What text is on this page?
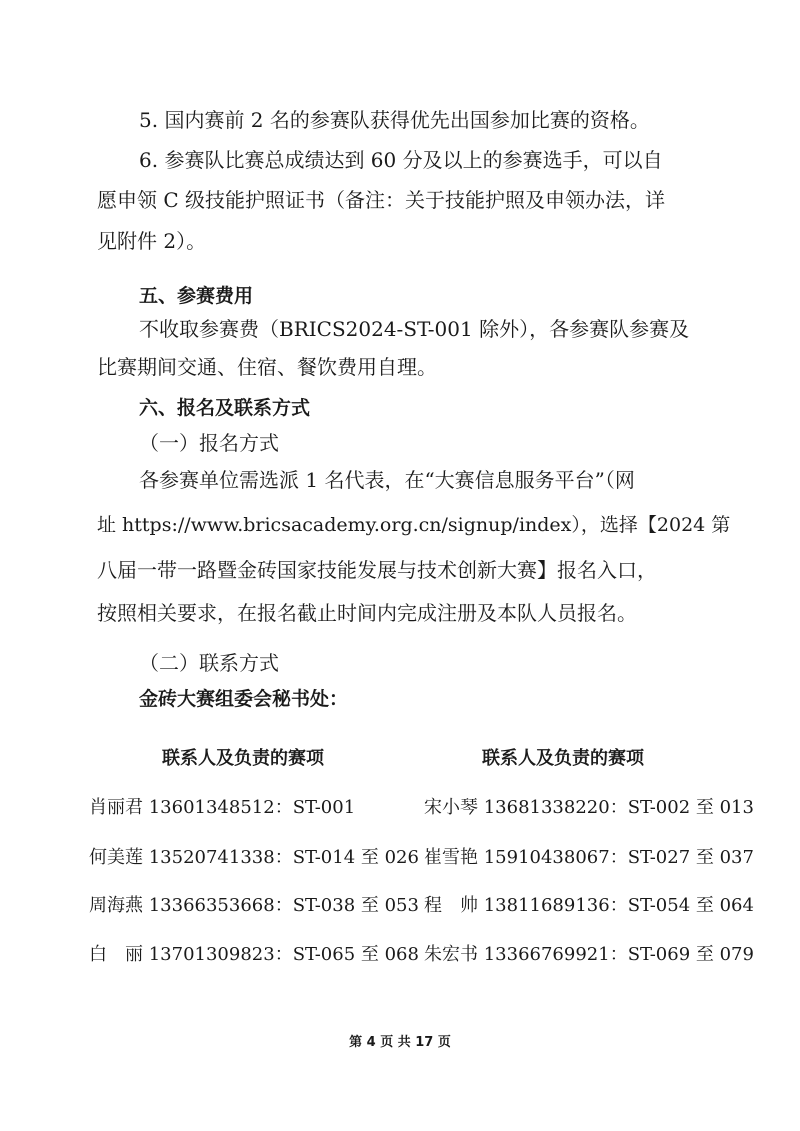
5. 国内赛前 2 名的参赛队获得优先出国参加比赛的资格。
6. 参赛队比赛总成绩达到 60 分及以上的参赛选手，可以自
愿申领 C 级技能护照证书（备注：关于技能护照及申领办法，详
见附件 2）。
五、参赛费用
不收取参赛费（BRICS2024-ST-001 除外），各参赛队参赛及
比赛期间交通、住宿、餐饮费用自理。
六、报名及联系方式
（一）报名方式
各参赛单位需选派 1 名代表，在“大赛信息服务平台”（网
址 https://www.bricsacademy.org.cn/signup/index），选择【2024 第
八届一带一路暨金砖国家技能发展与技术创新大赛】报名入口，
按照相关要求，在报名截止时间内完成注册及本队人员报名。
（二）联系方式
金砖大赛组委会秘书处：
联系人及负责的赛项	联系人及负责的赛项
肖丽君 13601348512：ST-001
何美莲 13520741338：ST-014 至 026
周海燕 13366353668：ST-038 至 053
白　丽 13701309823：ST-065 至 068
宋小琴 13681338220：ST-002 至 013
崔雪艳 15910438067：ST-027 至 037
程　帅 13811689136：ST-054 至 064
朱宏书 13366769921：ST-069 至 079
第 4 页 共 17 页
